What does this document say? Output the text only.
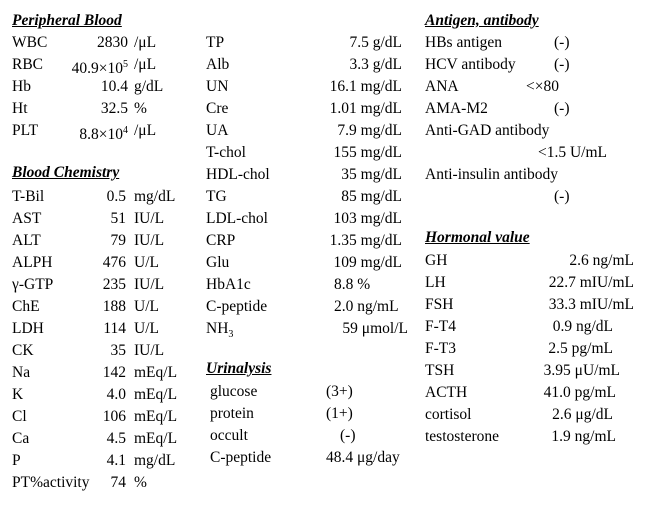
Peripheral Blood
WBC	2830 /μL
RBC	$40.9\times 10^5$ /μL
Hb	10.4 g/dL
Ht	32.5 %
PLT	$8.8\times 10^4$ /μL
Blood Chemistry
T-Bil	0.5 mg/dL
AST	51 IU/L
ALT	79 IU/L
ALPH	476 U/L
γ-GTP	235 IU/L
ChE	188 U/L
LDH	114 U/L
CK	35 IU/L
Na	142 mEq/L
K	4.0 mEq/L
Cl	106 mEq/L
Ca	4.5 mEq/L
P	4.1 mg/dL
PT%activity	74 %
TP	7.5 g/dL
Alb	3.3 g/dL
UN	16.1 mg/dL
Cre	1.01 mg/dL
UA	7.9 mg/dL
T-chol	155 mg/dL
HDL-chol	35 mg/dL
TG	85 mg/dL
LDL-chol	103 mg/dL
CRP	1.35 mg/dL
Glu	109 mg/dL
HbA1c	8.8 %
C-peptide	2.0 ng/mL
$NH_3$	59 μmol/L
Urinalysis
glucose	(3+)
protein	(1+)
occult	(-)
C-peptide	48.4 μg/day
Antigen, antibody
HBs antigen	(-)
HCV antibody (-)
ANA	<×80
AMA-M2	(-)
Anti-GAD antibody
<1.5 U/mL
Anti-insulin antibody
(-)
Hormonal value
GH	2.6 ng/mL
LH	22.7 mIU/mL
FSH	33.3 mIU/mL
F-T4	0.9 ng/dL
F-T3	2.5 pg/mL
TSH	3.95 μU/mL
ACTH	41.0 pg/mL
cortisol	2.6 μg/dL
testosterone	1.9 ng/mL
